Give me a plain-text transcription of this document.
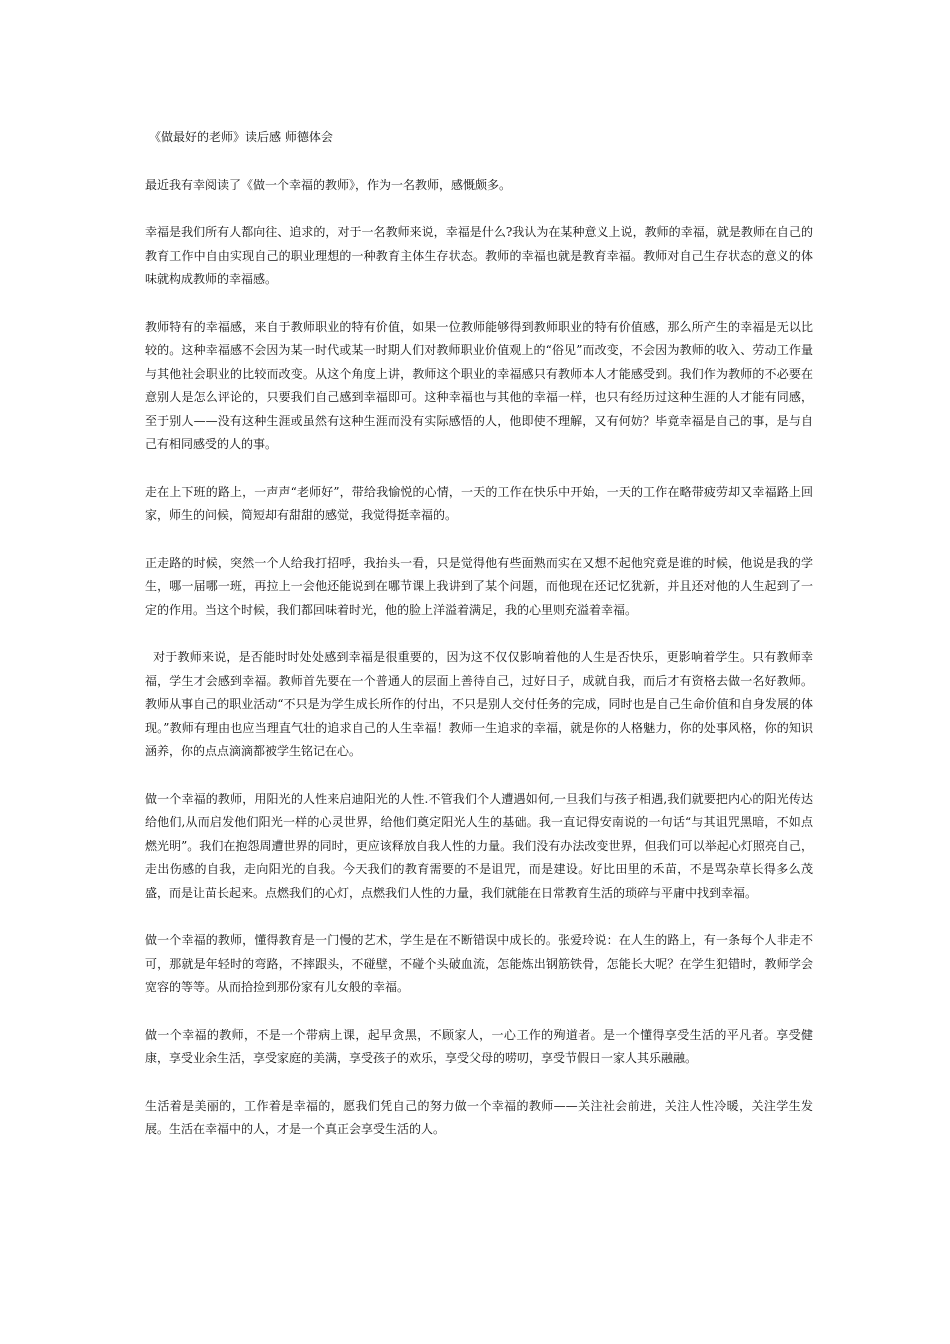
《做最好的老师》读后感 师德体会

最近我有幸阅读了《做一个幸福的教师》，作为一名教师，感慨颇多。

幸福是我们所有人都向往、追求的，对于一名教师来说，幸福是什么?我认为在某种意义上说，教师的幸福，就是教师在自己的教育工作中自由实现自己的职业理想的一种教育主体生存状态。教师的幸福也就是教育幸福。教师对自己生存状态的意义的体味就构成教师的幸福感。

教师特有的幸福感，来自于教师职业的特有价值，如果一位教师能够得到教师职业的特有价值感，那么所产生的幸福是无以比较的。这种幸福感不会因为某一时代或某一时期人们对教师职业价值观上的“俗见”而改变，不会因为教师的收入、劳动工作量与其他社会职业的比较而改变。从这个角度上讲，教师这个职业的幸福感只有教师本人才能感受到。我们作为教师的不必要在意别人是怎么评论的，只要我们自己感到幸福即可。这种幸福也与其他的幸福一样，也只有经历过这种生涯的人才能有同感，至于别人——没有这种生涯或虽然有这种生涯而没有实际感悟的人，他即使不理解，又有何妨？毕竟幸福是自己的事，是与自己有相同感受的人的事。

走在上下班的路上，一声声“老师好”，带给我愉悦的心情，一天的工作在快乐中开始，一天的工作在略带疲劳却又幸福路上回家，师生的问候，简短却有甜甜的感觉，我觉得挺幸福的。

正走路的时候，突然一个人给我打招呼，我抬头一看，只是觉得他有些面熟而实在又想不起他究竟是谁的时候，他说是我的学生，哪一届哪一班，再拉上一会他还能说到在哪节课上我讲到了某个问题，而他现在还记忆犹新，并且还对他的人生起到了一定的作用。当这个时候，我们都回味着时光，他的脸上洋溢着满足，我的心里则充溢着幸福。

对于教师来说，是否能时时处处感到幸福是很重要的，因为这不仅仅影响着他的人生是否快乐，更影响着学生。只有教师幸福，学生才会感到幸福。教师首先要在一个普通人的层面上善待自己，过好日子，成就自我，而后才有资格去做一名好教师。教师从事自己的职业活动“不只是为学生成长所作的付出，不只是别人交付任务的完成，同时也是自己生命价值和自身发展的体现。”教师有理由也应当理直气壮的追求自己的人生幸福！教师一生追求的幸福，就是你的人格魅力，你的处事风格，你的知识涵养，你的点点滴滴都被学生铭记在心。

做一个幸福的教师，用阳光的人性来启迪阳光的人性.不管我们个人遭遇如何,一旦我们与孩子相遇,我们就要把内心的阳光传达给他们,从而启发他们阳光一样的心灵世界，给他们奠定阳光人生的基础。我一直记得安南说的一句话“与其诅咒黑暗，不如点燃光明”。我们在抱怨周遭世界的同时，更应该释放自我人性的力量。我们没有办法改变世界，但我们可以举起心灯照亮自己，走出伤感的自我，走向阳光的自我。今天我们的教育需要的不是诅咒，而是建设。好比田里的禾苗，不是骂杂草长得多么茂盛，而是让苗长起来。点燃我们的心灯，点燃我们人性的力量，我们就能在日常教育生活的琐碎与平庸中找到幸福。

做一个幸福的教师，懂得教育是一门慢的艺术，学生是在不断错误中成长的。张爱玲说：在人生的路上，有一条每个人非走不可，那就是年轻时的弯路，不摔跟头，不碰壁，不碰个头破血流，怎能炼出钢筋铁骨，怎能长大呢？在学生犯错时，教师学会宽容的等等。从而拾捡到那份家有儿女般的幸福。

做一个幸福的教师，不是一个带病上课，起早贪黑，不顾家人，一心工作的殉道者。是一个懂得享受生活的平凡者。享受健康，享受业余生活，享受家庭的美满，享受孩子的欢乐，享受父母的唠叨，享受节假日一家人其乐融融。

生活着是美丽的，工作着是幸福的，愿我们凭自己的努力做一个幸福的教师——关注社会前进，关注人性冷暖，关注学生发展。生活在幸福中的人，才是一个真正会享受生活的人。
